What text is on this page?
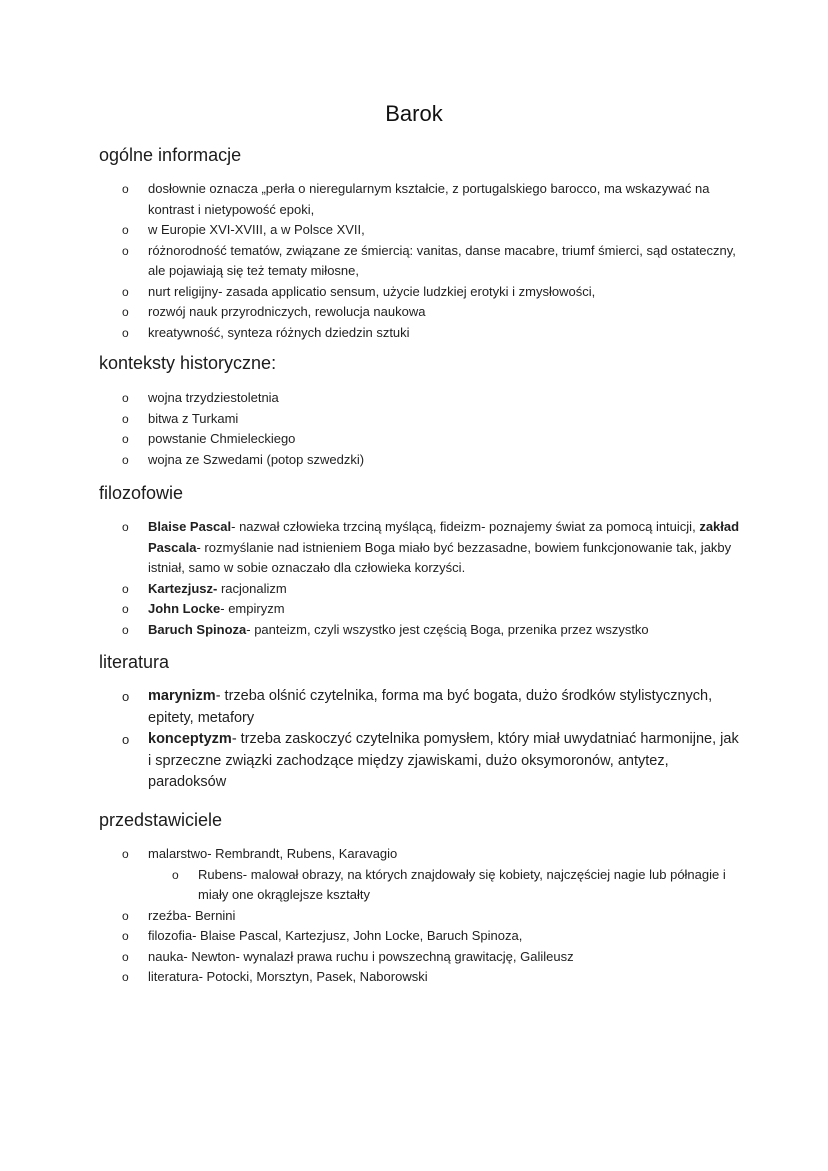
Barok
ogólne informacje
o dosłownie oznacza „perła o nieregularnym kształcie, z portugalskiego barocco, ma wskazywać na kontrast i nietypowość epoki,
o w Europie XVI-XVIII, a w Polsce XVII,
o różnorodność tematów, związane ze śmiercią: vanitas, danse macabre, triumf śmierci, sąd ostateczny, ale pojawiają się też tematy miłosne,
o nurt religijny- zasada applicatio sensum, użycie ludzkiej erotyki i zmysłowości,
o rozwój nauk przyrodniczych, rewolucja naukowa
o kreatywność, synteza różnych dziedzin sztuki
konteksty historyczne:
o wojna trzydziestoletnia
o bitwa z Turkami
o powstanie Chmieleckiego
o wojna ze Szwedami (potop szwedzki)
filozofowie
o Blaise Pascal- nazwał człowieka trzciną myślącą, fideizm- poznajemy świat za pomocą intuicji, zakład Pascala- rozmyślanie nad istnieniem Boga miało być bezzasadne, bowiem funkcjonowanie tak, jakby istniał, samo w sobie oznaczało dla człowieka korzyści.
o Kartezjusz- racjonalizm
o John Locke- empiryzm
o Baruch Spinoza- panteizm, czyli wszystko jest częścią Boga, przenika przez wszystko
literatura
o marynizm- trzeba olśnić czytelnika, forma ma być bogata, dużo środków stylistycznych, epitety, metafory
o konceptyzm- trzeba zaskoczyć czytelnika pomysłem, który miał uwydatniać harmonijne, jak i sprzeczne związki zachodzące między zjawiskami, dużo oksymoronów, antytez, paradoksów
przedstawiciele
o malarstwo- Rembrandt, Rubens, Karavagio
o Rubens- malował obrazy, na których znajdowały się kobiety, najczęściej nagie lub półnagie i miały one okrąglejsze kształty
o rzeźba- Bernini
o filozofia- Blaise Pascal, Kartezjusz, John Locke, Baruch Spinoza,
o nauka- Newton- wynalazł prawa ruchu i powszechną grawitację, Galileusz
o literatura- Potocki, Morsztyn, Pasek, Naborowski
